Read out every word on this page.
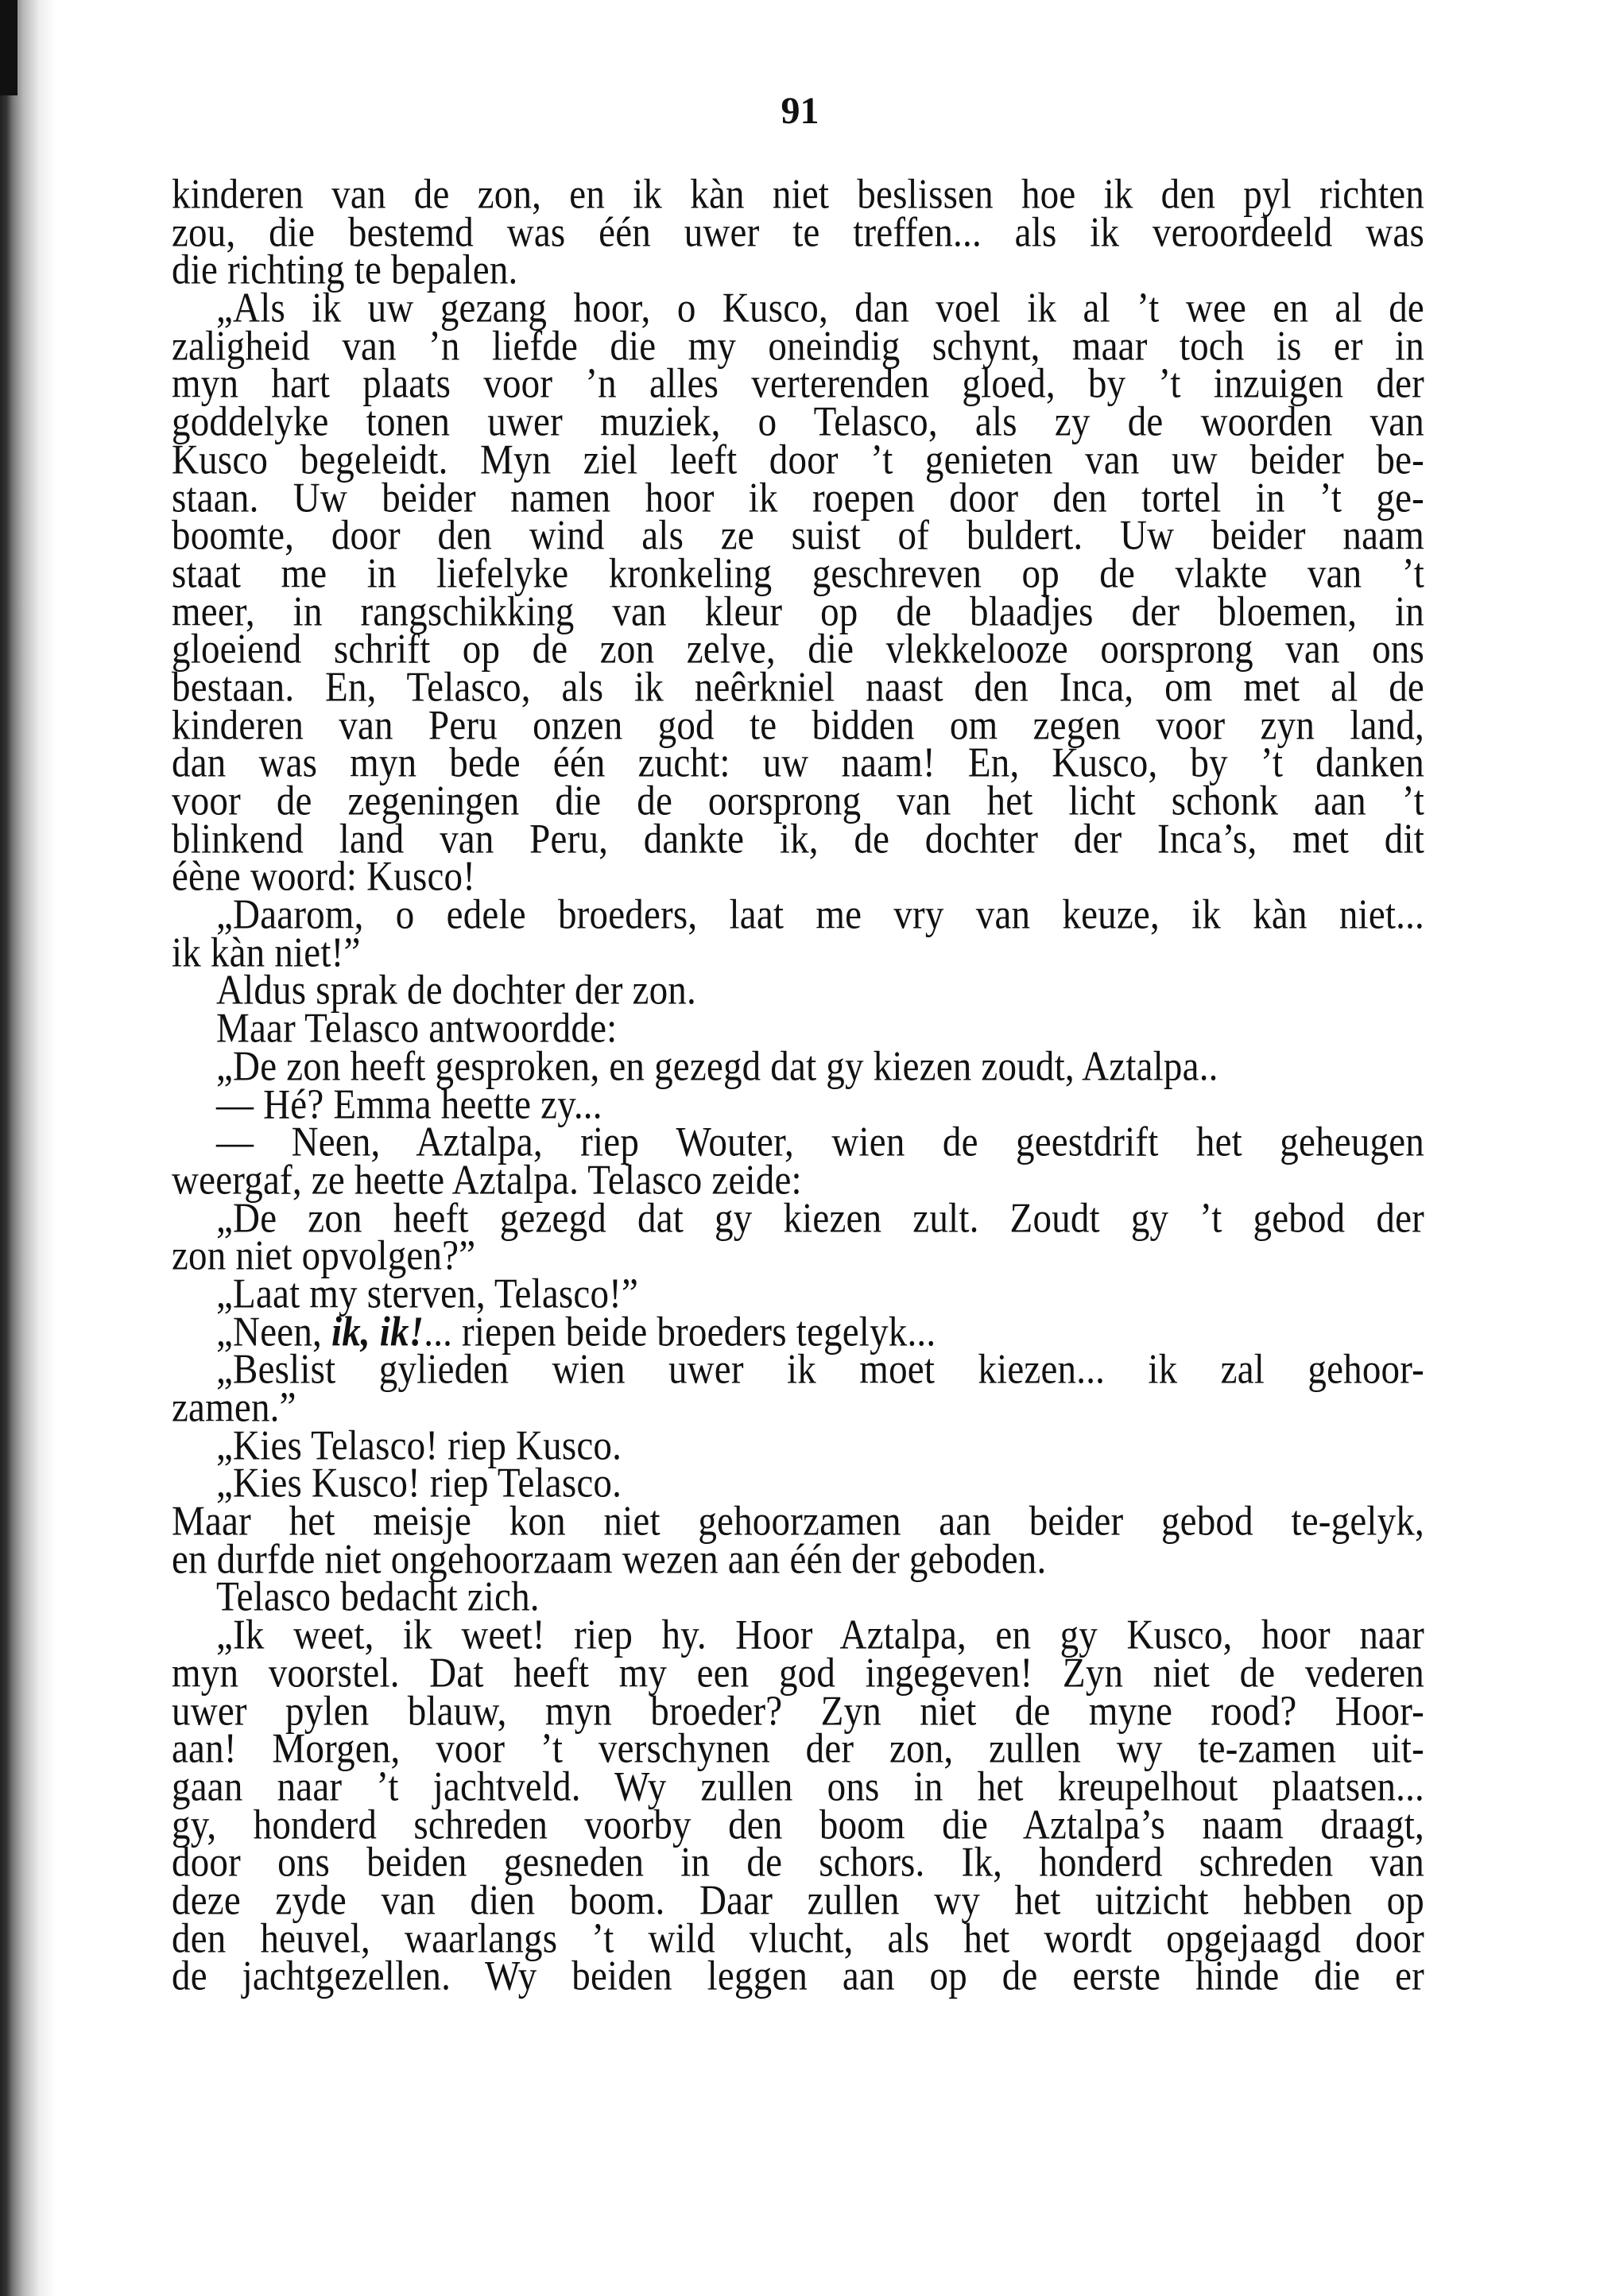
91
kinderen van de zon, en ik kàn niet beslissen hoe ik den pyl richten
zou, die bestemd was één uwer te treffen... als ik veroordeeld was
die richting te bepalen.
„Als ik uw gezang hoor, o Kusco, dan voel ik al ’t wee en al de
zaligheid van ’n liefde die my oneindig schynt, maar toch is er in
myn hart plaats voor ’n alles verterenden gloed, by ’t inzuigen der
goddelyke tonen uwer muziek, o Telasco, als zy de woorden van
Kusco begeleidt. Myn ziel leeft door ’t genieten van uw beider be-
staan. Uw beider namen hoor ik roepen door den tortel in ’t ge-
boomte, door den wind als ze suist of buldert. Uw beider naam
staat me in liefelyke kronkeling geschreven op de vlakte van ’t
meer, in rangschikking van kleur op de blaadjes der bloemen, in
gloeiend schrift op de zon zelve, die vlekkelooze oorsprong van ons
bestaan. En, Telasco, als ik neêrkniel naast den Inca, om met al de
kinderen van Peru onzen god te bidden om zegen voor zyn land,
dan was myn bede één zucht: uw naam! En, Kusco, by ’t danken
voor de zegeningen die de oorsprong van het licht schonk aan ’t
blinkend land van Peru, dankte ik, de dochter der Inca’s, met dit
éène woord: Kusco!
„Daarom, o edele broeders, laat me vry van keuze, ik kàn niet...
ik kàn niet!”
Aldus sprak de dochter der zon.
Maar Telasco antwoordde:
„De zon heeft gesproken, en gezegd dat gy kiezen zoudt, Aztalpa..
— Hé? Emma heette zy...
— Neen, Aztalpa, riep Wouter, wien de geestdrift het geheugen
weergaf, ze heette Aztalpa. Telasco zeide:
„De zon heeft gezegd dat gy kiezen zult. Zoudt gy ’t gebod der
zon niet opvolgen?”
„Laat my sterven, Telasco!”
„Neen, ik, ik!... riepen beide broeders tegelyk...
„Beslist gylieden wien uwer ik moet kiezen... ik zal gehoor-
zamen.”
„Kies Telasco! riep Kusco.
„Kies Kusco! riep Telasco.
Maar het meisje kon niet gehoorzamen aan beider gebod te-gelyk,
en durfde niet ongehoorzaam wezen aan één der geboden.
Telasco bedacht zich.
„Ik weet, ik weet! riep hy. Hoor Aztalpa, en gy Kusco, hoor naar
myn voorstel. Dat heeft my een god ingegeven! Zyn niet de vederen
uwer pylen blauw, myn broeder? Zyn niet de myne rood? Hoor-
aan! Morgen, voor ’t verschynen der zon, zullen wy te-zamen uit-
gaan naar ’t jachtveld. Wy zullen ons in het kreupelhout plaatsen...
gy, honderd schreden voorby den boom die Aztalpa’s naam draagt,
door ons beiden gesneden in de schors. Ik, honderd schreden van
deze zyde van dien boom. Daar zullen wy het uitzicht hebben op
den heuvel, waarlangs ’t wild vlucht, als het wordt opgejaagd door
de jachtgezellen. Wy beiden leggen aan op de eerste hinde die er
